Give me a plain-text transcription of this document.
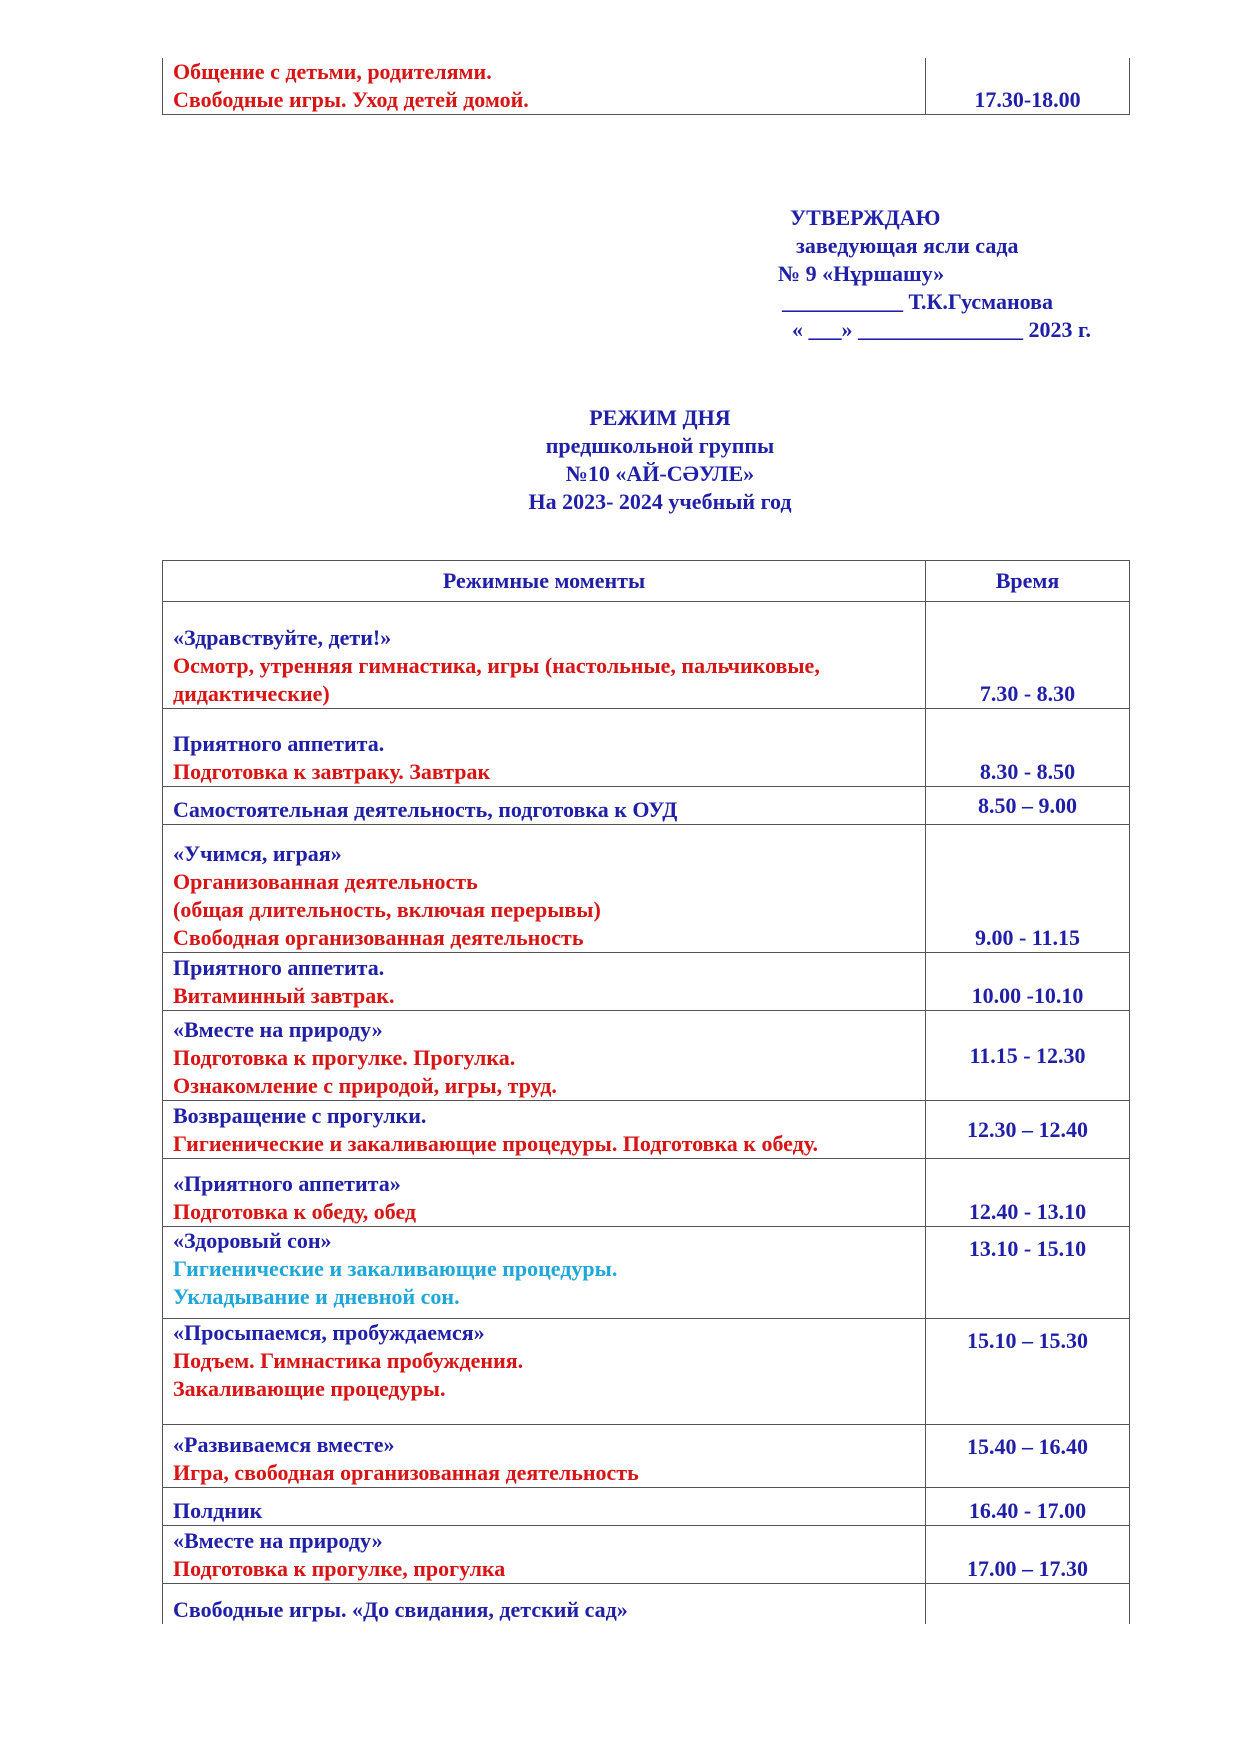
Общение с детьми, родителями.
Свободные игры. Уход детей домой.	17.30-18.00
УТВЕРЖДАЮ
заведующая ясли сада
№ 9 «Нұршашу»
___________ Т.К.Гусманова
« ___» _______________ 2023 г.
РЕЖИМ ДНЯ
предшкольной группы
№10 «АЙ-СӘУЛЕ»
На 2023- 2024 учебный год
Режимные моменты	Время

«Здравствуйте, дети!»
Осмотр, утренняя гимнастика, игры (настольные, пальчиковые,
дидактические)	7.30 - 8.30

Приятного аппетита.
Подготовка к завтраку. Завтрак	8.30 - 8.50

Самостоятельная деятельность, подготовка к ОУД	8.50 – 9.00

«Учимся, играя»
Организованная деятельность
(общая длительность, включая перерывы)
Свободная организованная деятельность	9.00 - 11.15

Приятного аппетита.
Витаминный завтрак.	10.00 -10.10

«Вместе на природу»
Подготовка к прогулке. Прогулка.
Ознакомление с природой, игры, труд.	11.15 - 12.30

Возвращение с прогулки.
Гигиенические и закаливающие процедуры. Подготовка к обеду.	12.30 – 12.40

«Приятного аппетита»
Подготовка к обеду, обед	12.40 - 13.10

«Здоровый сон»
Гигиенические и закаливающие процедуры.
Укладывание и дневной сон.	13.10 - 15.10

«Просыпаемся, пробуждаемся»
Подъем. Гимнастика пробуждения.
Закаливающие процедуры.	15.10 – 15.30

«Развиваемся вместе»
Игра, свободная организованная деятельность	15.40 – 16.40

Полдник	16.40 - 17.00

«Вместе на природу»
Подготовка к прогулке, прогулка	17.00 – 17.30

Свободные игры. «До свидания, детский сад»	
